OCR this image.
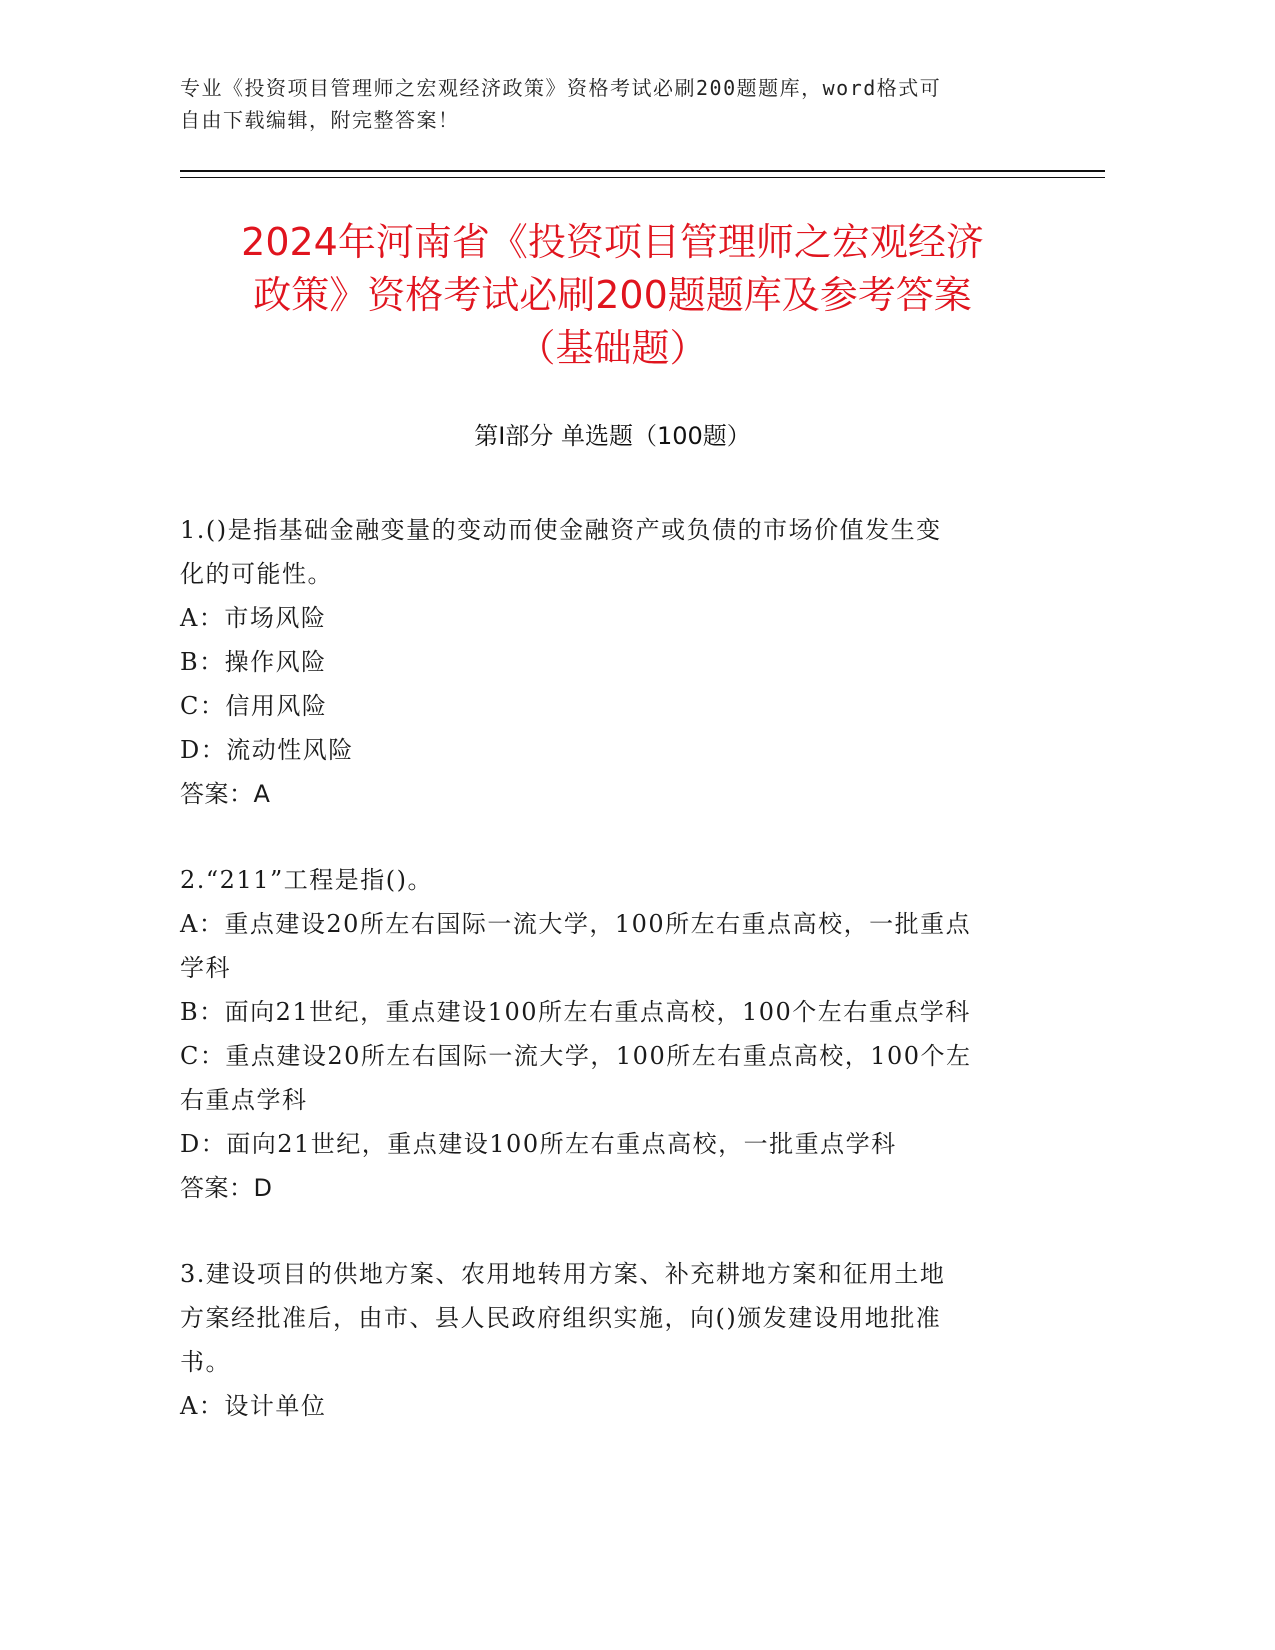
专业《投资项目管理师之宏观经济政策》资格考试必刷200题题库，word格式可
自由下载编辑，附完整答案！
2024年河南省《投资项目管理师之宏观经济
政策》资格考试必刷200题题库及参考答案
（基础题）
第Ⅰ部分 单选题（100题）

1.()是指基础金融变量的变动而使金融资产或负债的市场价值发生变

化的可能性。

A：市场风险

B：操作风险

C：信用风险

D：流动性风险

答案：A

2.“211”工程是指()。

A：重点建设20所左右国际一流大学，100所左右重点高校，一批重点

学科

B：面向21世纪，重点建设100所左右重点高校，100个左右重点学科

C：重点建设20所左右国际一流大学，100所左右重点高校，100个左

右重点学科

D：面向21世纪，重点建设100所左右重点高校，一批重点学科

答案：D

3.建设项目的供地方案、农用地转用方案、补充耕地方案和征用土地

方案经批准后，由市、县人民政府组织实施，向()颁发建设用地批准

书。

A：设计单位
